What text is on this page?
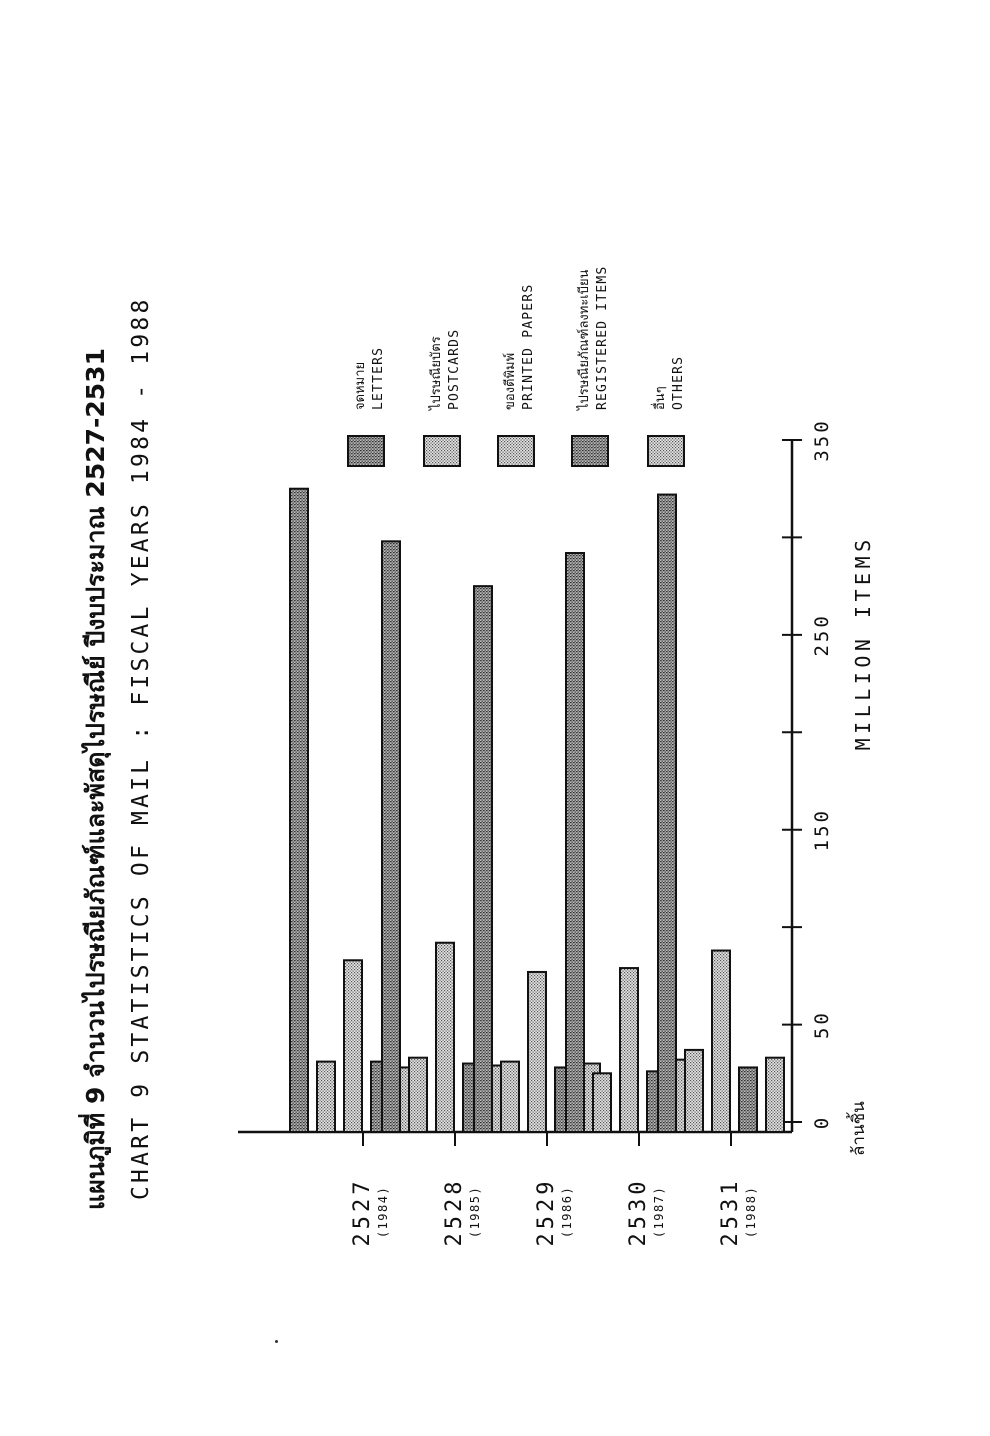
แผนภูมิที่ 9 จำนวนไปรษณียภัณฑ์และพัสดุไปรษณีย์ ปีงบประมาณ 2527-2531 CHART 9 STATISTICS OF MAIL : FISCAL YEARS 1984 - 1988	0
50
150
250
350
MILLION ITEMS
ล้านชิ้น
2527 (1984) 2528 (1985) 2529 (1986) 2530 (1987) 2531 (1988)
จดหมาย LETTERS	ไปรษณียบัตร POSTCARDS	ของตีพิมพ์ PRINTED PAPERS	ไปรษณียภัณฑ์ลงทะเบียน REGISTERED ITEMS	อื่นๆ OTHERS
